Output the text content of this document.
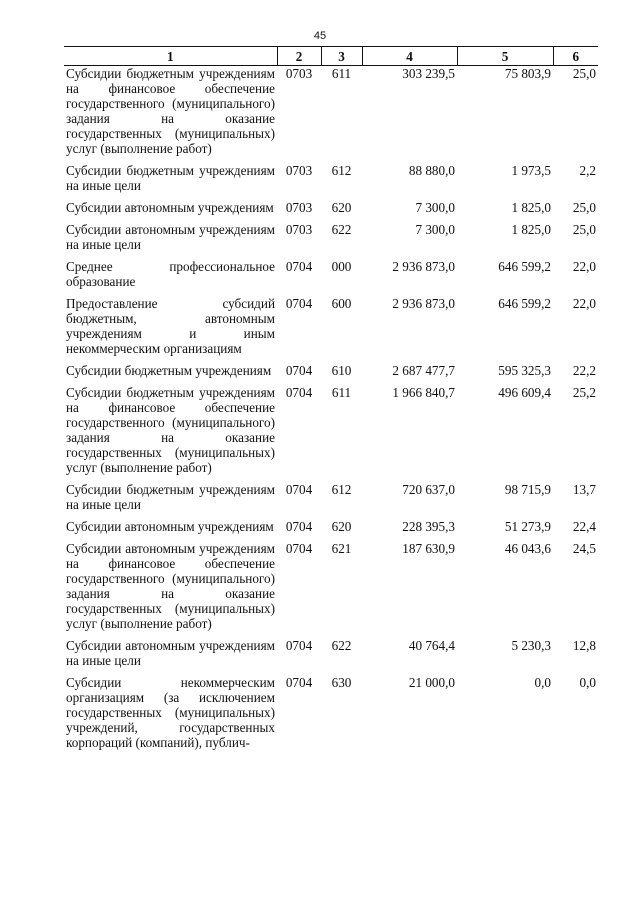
45
1	2	3	4	5	6
Субсидии бюджетным учреждениям на финансовое обеспечение государственного (муниципального) задания на оказание государственных (муниципальных) услуг (выполнение работ)	0703	611	303 239,5	75 803,9	25,0
Субсидии бюджетным учреждениям на иные цели	0703	612	88 880,0	1 973,5	2,2
Субсидии автономным учреждениям	0703	620	7 300,0	1 825,0	25,0
Субсидии автономным учреждениям на иные цели	0703	622	7 300,0	1 825,0	25,0
Среднее профессиональное образование	0704	000	2 936 873,0	646 599,2	22,0
Предоставление субсидий бюджетным, автономным учреждениям и иным некоммерческим организациям	0704	600	2 936 873,0	646 599,2	22,0
Субсидии бюджетным учреждениям	0704	610	2 687 477,7	595 325,3	22,2
Субсидии бюджетным учреждениям на финансовое обеспечение государственного (муниципального) задания на оказание государственных (муниципальных) услуг (выполнение работ)	0704	611	1 966 840,7	496 609,4	25,2
Субсидии бюджетным учреждениям на иные цели	0704	612	720 637,0	98 715,9	13,7
Субсидии автономным учреждениям	0704	620	228 395,3	51 273,9	22,4
Субсидии автономным учреждениям на финансовое обеспечение государственного (муниципального) задания на оказание государственных (муниципальных) услуг (выполнение работ)	0704	621	187 630,9	46 043,6	24,5
Субсидии автономным учреждениям на иные цели	0704	622	40 764,4	5 230,3	12,8
Субсидии некоммерческим организациям (за исключением государственных (муниципальных) учреждений, государственных корпораций (компаний), публич-	0704	630	21 000,0	0,0	0,0
